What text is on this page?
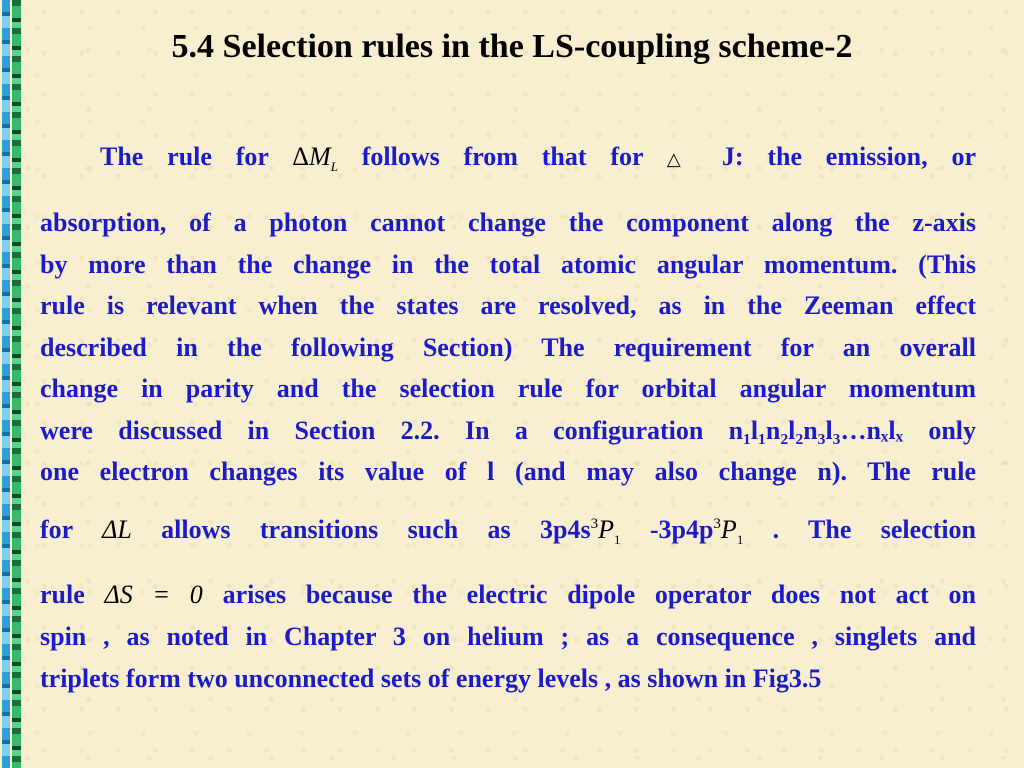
5.4 Selection rules in the LS-coupling scheme-2
The rule for $\Delta M_L$ follows from that for △ J: the emission, or
absorption, of a photon cannot change the component along the z-axis
by more than the change in the total atomic angular momentum. (This
rule is relevant when the states are resolved, as in the Zeeman effect
described in the following Section) The requirement for an overall
change in parity and the selection rule for orbital angular momentum
were discussed in Section 2.2. In a configuration n₁l₁n₂l₂n₃l₃…nₓlₓ only
one electron changes its value of l (and may also change n). The rule
for ΔL allows transitions such as $3p4s^3P_1$ $-3p4p^3P_1$ . The selection
rule ΔS = 0 arises because the electric dipole operator does not act on
spin , as noted in Chapter 3 on helium ; as a consequence , singlets and
triplets form two unconnected sets of energy levels , as shown in Fig3.5
